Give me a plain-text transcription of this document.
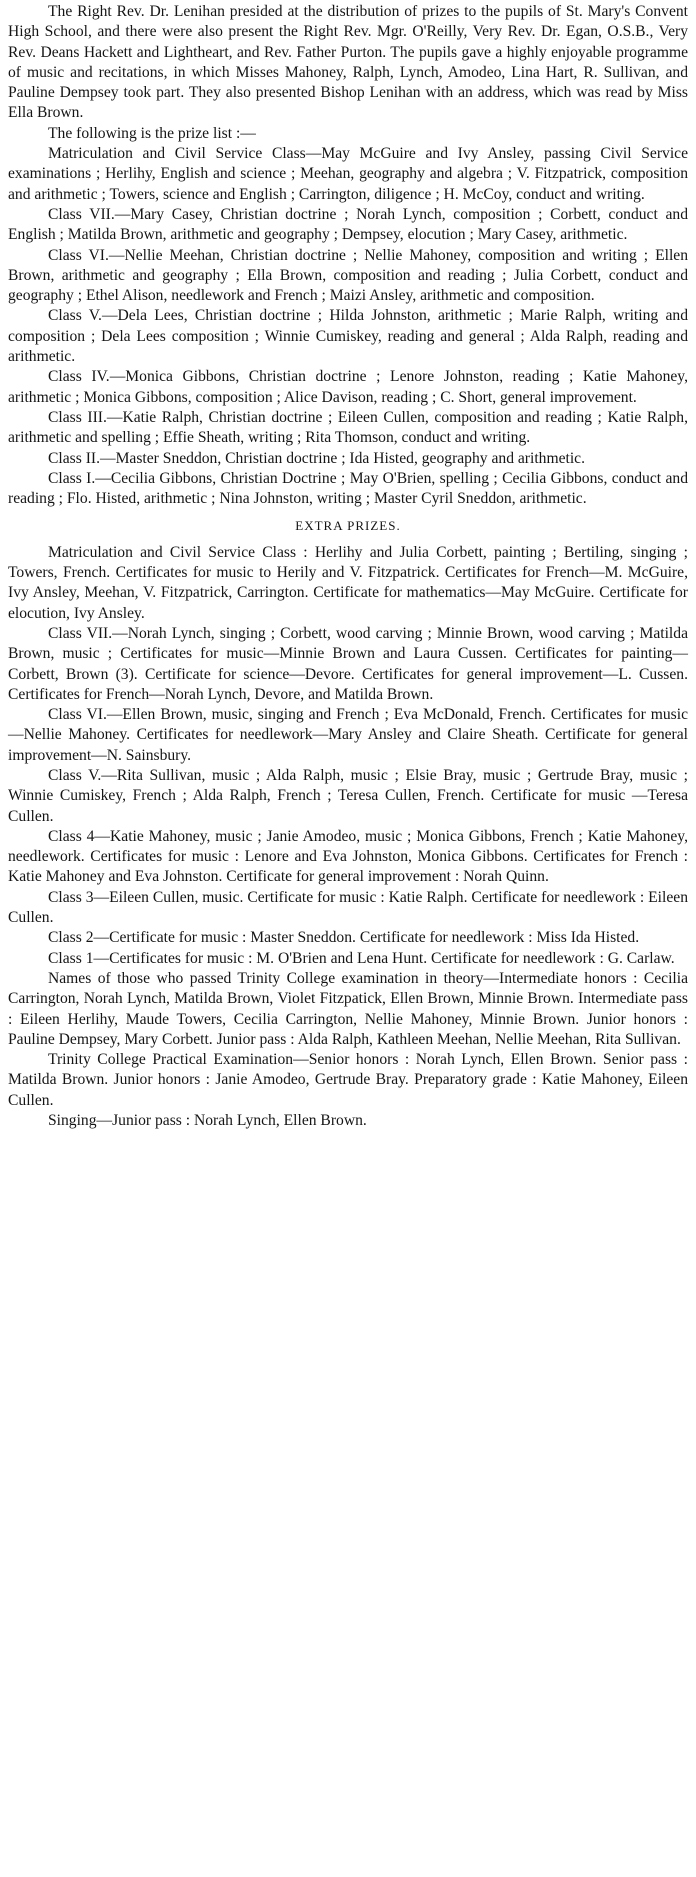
The Right Rev. Dr. Lenihan presided at the distribution of prizes to the pupils of St. Mary's Convent High School, and there were also present the Right Rev. Mgr. O'Reilly, Very Rev. Dr. Egan, O.S.B., Very Rev. Deans Hackett and Lightheart, and Rev. Father Purton. The pupils gave a highly enjoyable programme of music and recitations, in which Misses Mahoney, Ralph, Lynch, Amodeo, Lina Hart, R. Sullivan, and Pauline Dempsey took part. They also presented Bishop Lenihan with an address, which was read by Miss Ella Brown.

The following is the prize list :—

Matriculation and Civil Service Class—May McGuire and Ivy Ansley, passing Civil Service examinations ; Herlihy, English and science ; Meehan, geography and algebra ; V. Fitzpatrick, composition and arithmetic ; Towers, science and English ; Carrington, diligence ; H. McCoy, conduct and writing.

Class VII.—Mary Casey, Christian doctrine ; Norah Lynch, composition ; Corbett, conduct and English ; Matilda Brown, arithmetic and geography ; Dempsey, elocution ; Mary Casey, arithmetic.

Class VI.—Nellie Meehan, Christian doctrine ; Nellie Mahoney, composition and writing ; Ellen Brown, arithmetic and geography ; Ella Brown, composition and reading ; Julia Corbett, conduct and geography ; Ethel Alison, needlework and French ; Maizi Ansley, arithmetic and composition.

Class V.—Dela Lees, Christian doctrine ; Hilda Johnston, arithmetic ; Marie Ralph, writing and composition ; Dela Lees composition ; Winnie Cumiskey, reading and general ; Alda Ralph, reading and arithmetic.

Class IV.—Monica Gibbons, Christian doctrine ; Lenore Johnston, reading ; Katie Mahoney, arithmetic ; Monica Gibbons, composition ; Alice Davison, reading ; C. Short, general improvement.

Class III.—Katie Ralph, Christian doctrine ; Eileen Cullen, composition and reading ; Katie Ralph, arithmetic and spelling ; Effie Sheath, writing ; Rita Thomson, conduct and writing.

Class II.—Master Sneddon, Christian doctrine ; Ida Histed, geography and arithmetic.

Class I.—Cecilia Gibbons, Christian Doctrine ; May O'Brien, spelling ; Cecilia Gibbons, conduct and reading ; Flo. Histed, arithmetic ; Nina Johnston, writing ; Master Cyril Sneddon, arithmetic.

EXTRA PRIZES.

Matriculation and Civil Service Class : Herlihy and Julia Corbett, painting ; Bertiling, singing ; Towers, French. Certificates for music to Herily and V. Fitzpatrick. Certificates for French—M. McGuire, Ivy Ansley, Meehan, V. Fitzpatrick, Carrington. Certificate for mathematics—May McGuire. Certificate for elocution, Ivy Ansley.

Class VII.—Norah Lynch, singing ; Corbett, wood carving ; Minnie Brown, wood carving ; Matilda Brown, music ; Certificates for music—Minnie Brown and Laura Cussen. Certificates for painting—Corbett, Brown (3). Certificate for science—Devore. Certificates for general improvement—L. Cussen. Certificates for French—Norah Lynch, Devore, and Matilda Brown.

Class VI.—Ellen Brown, music, singing and French ; Eva McDonald, French. Certificates for music—Nellie Mahoney. Certificates for needlework—Mary Ansley and Claire Sheath. Certificate for general improvement—N. Sainsbury.

Class V.—Rita Sullivan, music ; Alda Ralph, music ; Elsie Bray, music ; Gertrude Bray, music ; Winnie Cumiskey, French ; Alda Ralph, French ; Teresa Cullen, French. Certificate for music —Teresa Cullen.

Class 4—Katie Mahoney, music ; Janie Amodeo, music ; Monica Gibbons, French ; Katie Mahoney, needlework. Certificates for music : Lenore and Eva Johnston, Monica Gibbons. Certificates for French : Katie Mahoney and Eva Johnston. Certificate for general improvement : Norah Quinn.

Class 3—Eileen Cullen, music. Certificate for music : Katie Ralph. Certificate for needlework : Eileen Cullen.

Class 2—Certificate for music : Master Sneddon. Certificate for needlework : Miss Ida Histed.

Class 1—Certificates for music : M. O'Brien and Lena Hunt. Certificate for needlework : G. Carlaw.

Names of those who passed Trinity College examination in theory—Intermediate honors : Cecilia Carrington, Norah Lynch, Matilda Brown, Violet Fitzpatick, Ellen Brown, Minnie Brown. Intermediate pass : Eileen Herlihy, Maude Towers, Cecilia Carrington, Nellie Mahoney, Minnie Brown. Junior honors : Pauline Dempsey, Mary Corbett. Junior pass : Alda Ralph, Kathleen Meehan, Nellie Meehan, Rita Sullivan.

Trinity College Practical Examination—Senior honors : Norah Lynch, Ellen Brown. Senior pass : Matilda Brown. Junior honors : Janie Amodeo, Gertrude Bray. Preparatory grade : Katie Mahoney, Eileen Cullen.

Singing—Junior pass : Norah Lynch, Ellen Brown.
